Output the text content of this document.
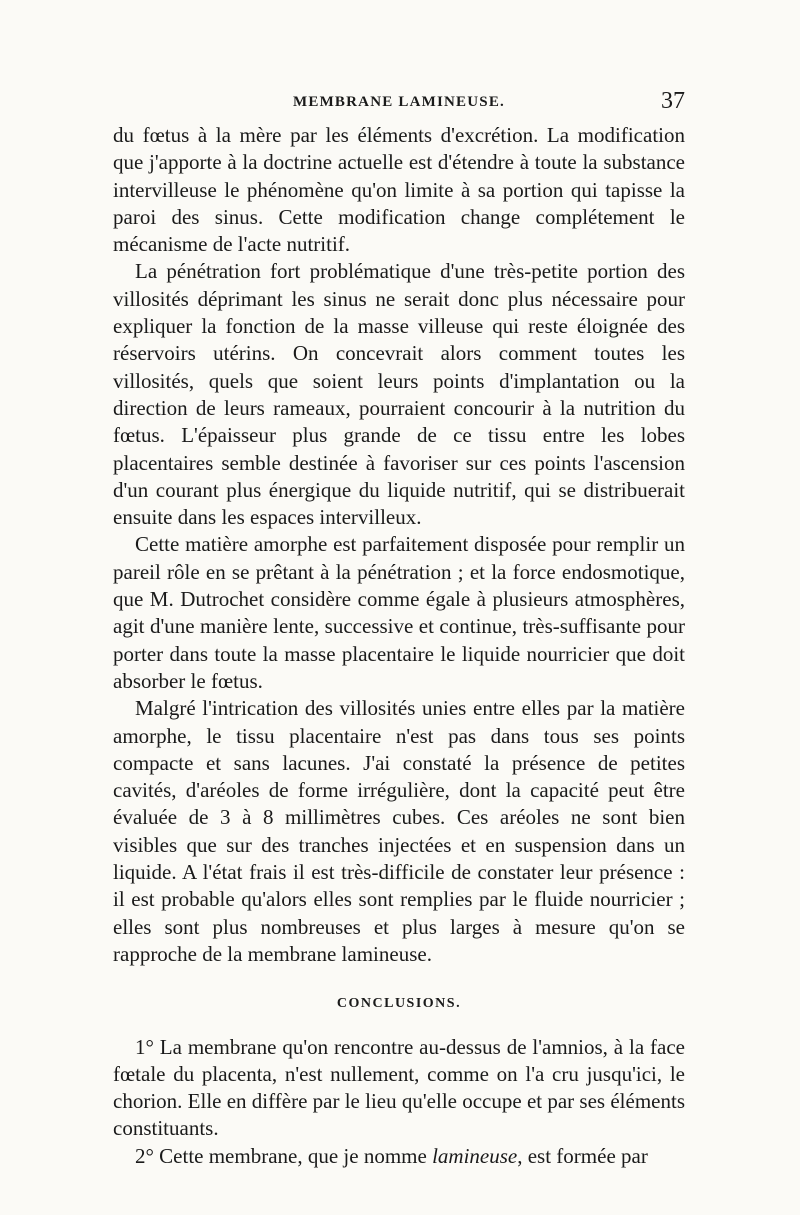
MEMBRANE LAMINEUSE.	37

du fœtus à la mère par les éléments d'excrétion. La modification que j'apporte à la doctrine actuelle est d'étendre à toute la substance intervilleuse le phénomène qu'on limite à sa portion qui tapisse la paroi des sinus. Cette modification change complétement le mécanisme de l'acte nutritif.

La pénétration fort problématique d'une très-petite portion des villosités déprimant les sinus ne serait donc plus nécessaire pour expliquer la fonction de la masse villeuse qui reste éloignée des réservoirs utérins. On concevrait alors comment toutes les villosités, quels que soient leurs points d'implantation ou la direction de leurs rameaux, pourraient concourir à la nutrition du fœtus. L'épaisseur plus grande de ce tissu entre les lobes placentaires semble destinée à favoriser sur ces points l'ascension d'un courant plus énergique du liquide nutritif, qui se distribuerait ensuite dans les espaces intervilleux.

Cette matière amorphe est parfaitement disposée pour remplir un pareil rôle en se prêtant à la pénétration ; et la force endosmotique, que M. Dutrochet considère comme égale à plusieurs atmosphères, agit d'une manière lente, successive et continue, très-suffisante pour porter dans toute la masse placentaire le liquide nourricier que doit absorber le fœtus.

Malgré l'intrication des villosités unies entre elles par la matière amorphe, le tissu placentaire n'est pas dans tous ses points compacte et sans lacunes. J'ai constaté la présence de petites cavités, d'aréoles de forme irrégulière, dont la capacité peut être évaluée de 3 à 8 millimètres cubes. Ces aréoles ne sont bien visibles que sur des tranches injectées et en suspension dans un liquide. A l'état frais il est très-difficile de constater leur présence : il est probable qu'alors elles sont remplies par le fluide nourricier ; elles sont plus nombreuses et plus larges à mesure qu'on se rapproche de la membrane lamineuse.

CONCLUSIONS.

1° La membrane qu'on rencontre au-dessus de l'amnios, à la face fœtale du placenta, n'est nullement, comme on l'a cru jusqu'ici, le chorion. Elle en diffère par le lieu qu'elle occupe et par ses éléments constituants.

2° Cette membrane, que je nomme lamineuse, est formée par
